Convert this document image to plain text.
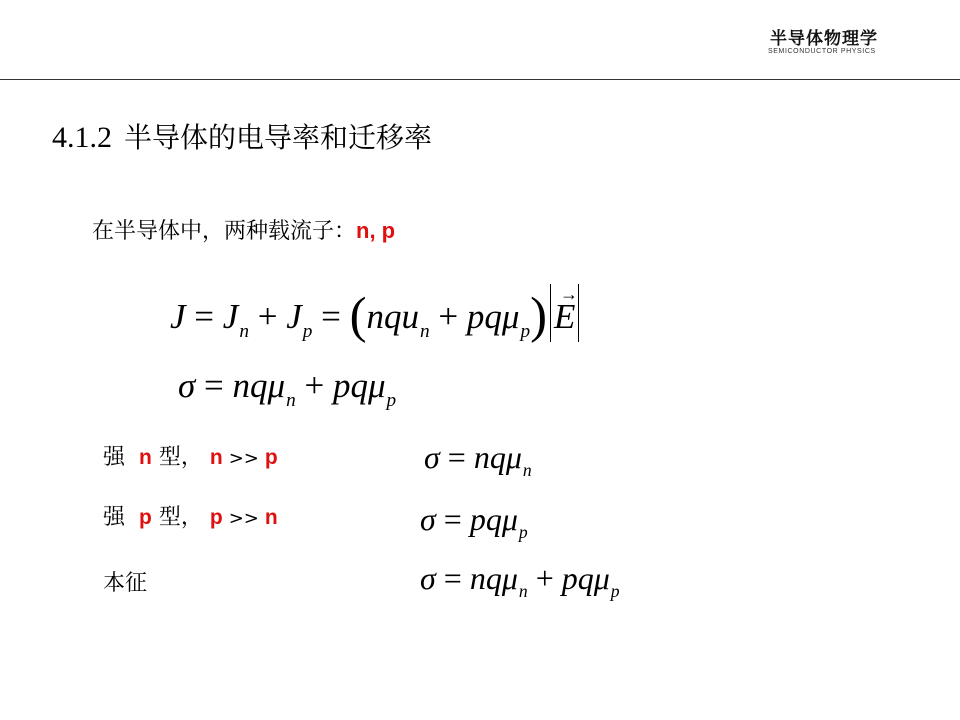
半导体物理学
SEMICONDUCTOR PHYSICS
4.1.2 半导体的电导率和迁移率
在半导体中，两种载流子：n, p
$J = J_n + J_p = (nqu_n + pq\mu_p)$ E
→
σ = nqμ$_n$ + pqμ$_p$
强 n 型， n >> p	σ = nqμ$_n$
强 p 型， p >> n	σ = pqμ$_p$
本征	σ = nqμ$_n$ + pqμ$_p$
